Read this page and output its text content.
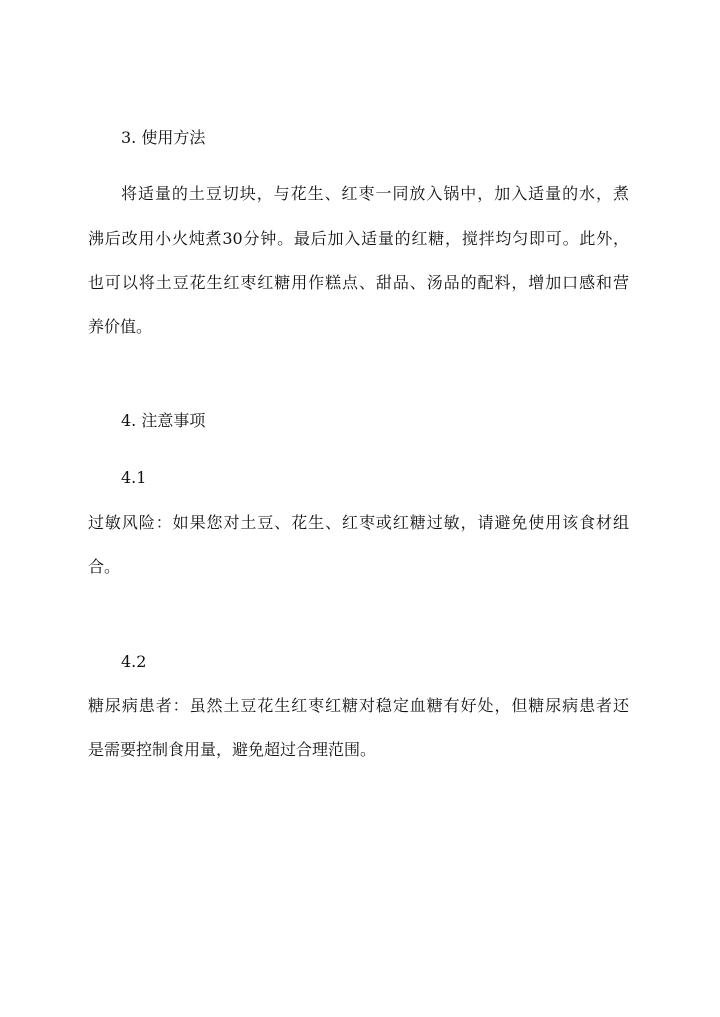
3. 使用方法
将适量的土豆切块，与花生、红枣一同放入锅中，加入适量的水，煮
沸后改用小火炖煮30分钟。最后加入适量的红糖，搅拌均匀即可。此外，
也可以将土豆花生红枣红糖用作糕点、甜品、汤品的配料，增加口感和营
养价值。
4. 注意事项
4.1
过敏风险：如果您对土豆、花生、红枣或红糖过敏，请避免使用该食材组
合。
4.2
糖尿病患者：虽然土豆花生红枣红糖对稳定血糖有好处，但糖尿病患者还
是需要控制食用量，避免超过合理范围。
